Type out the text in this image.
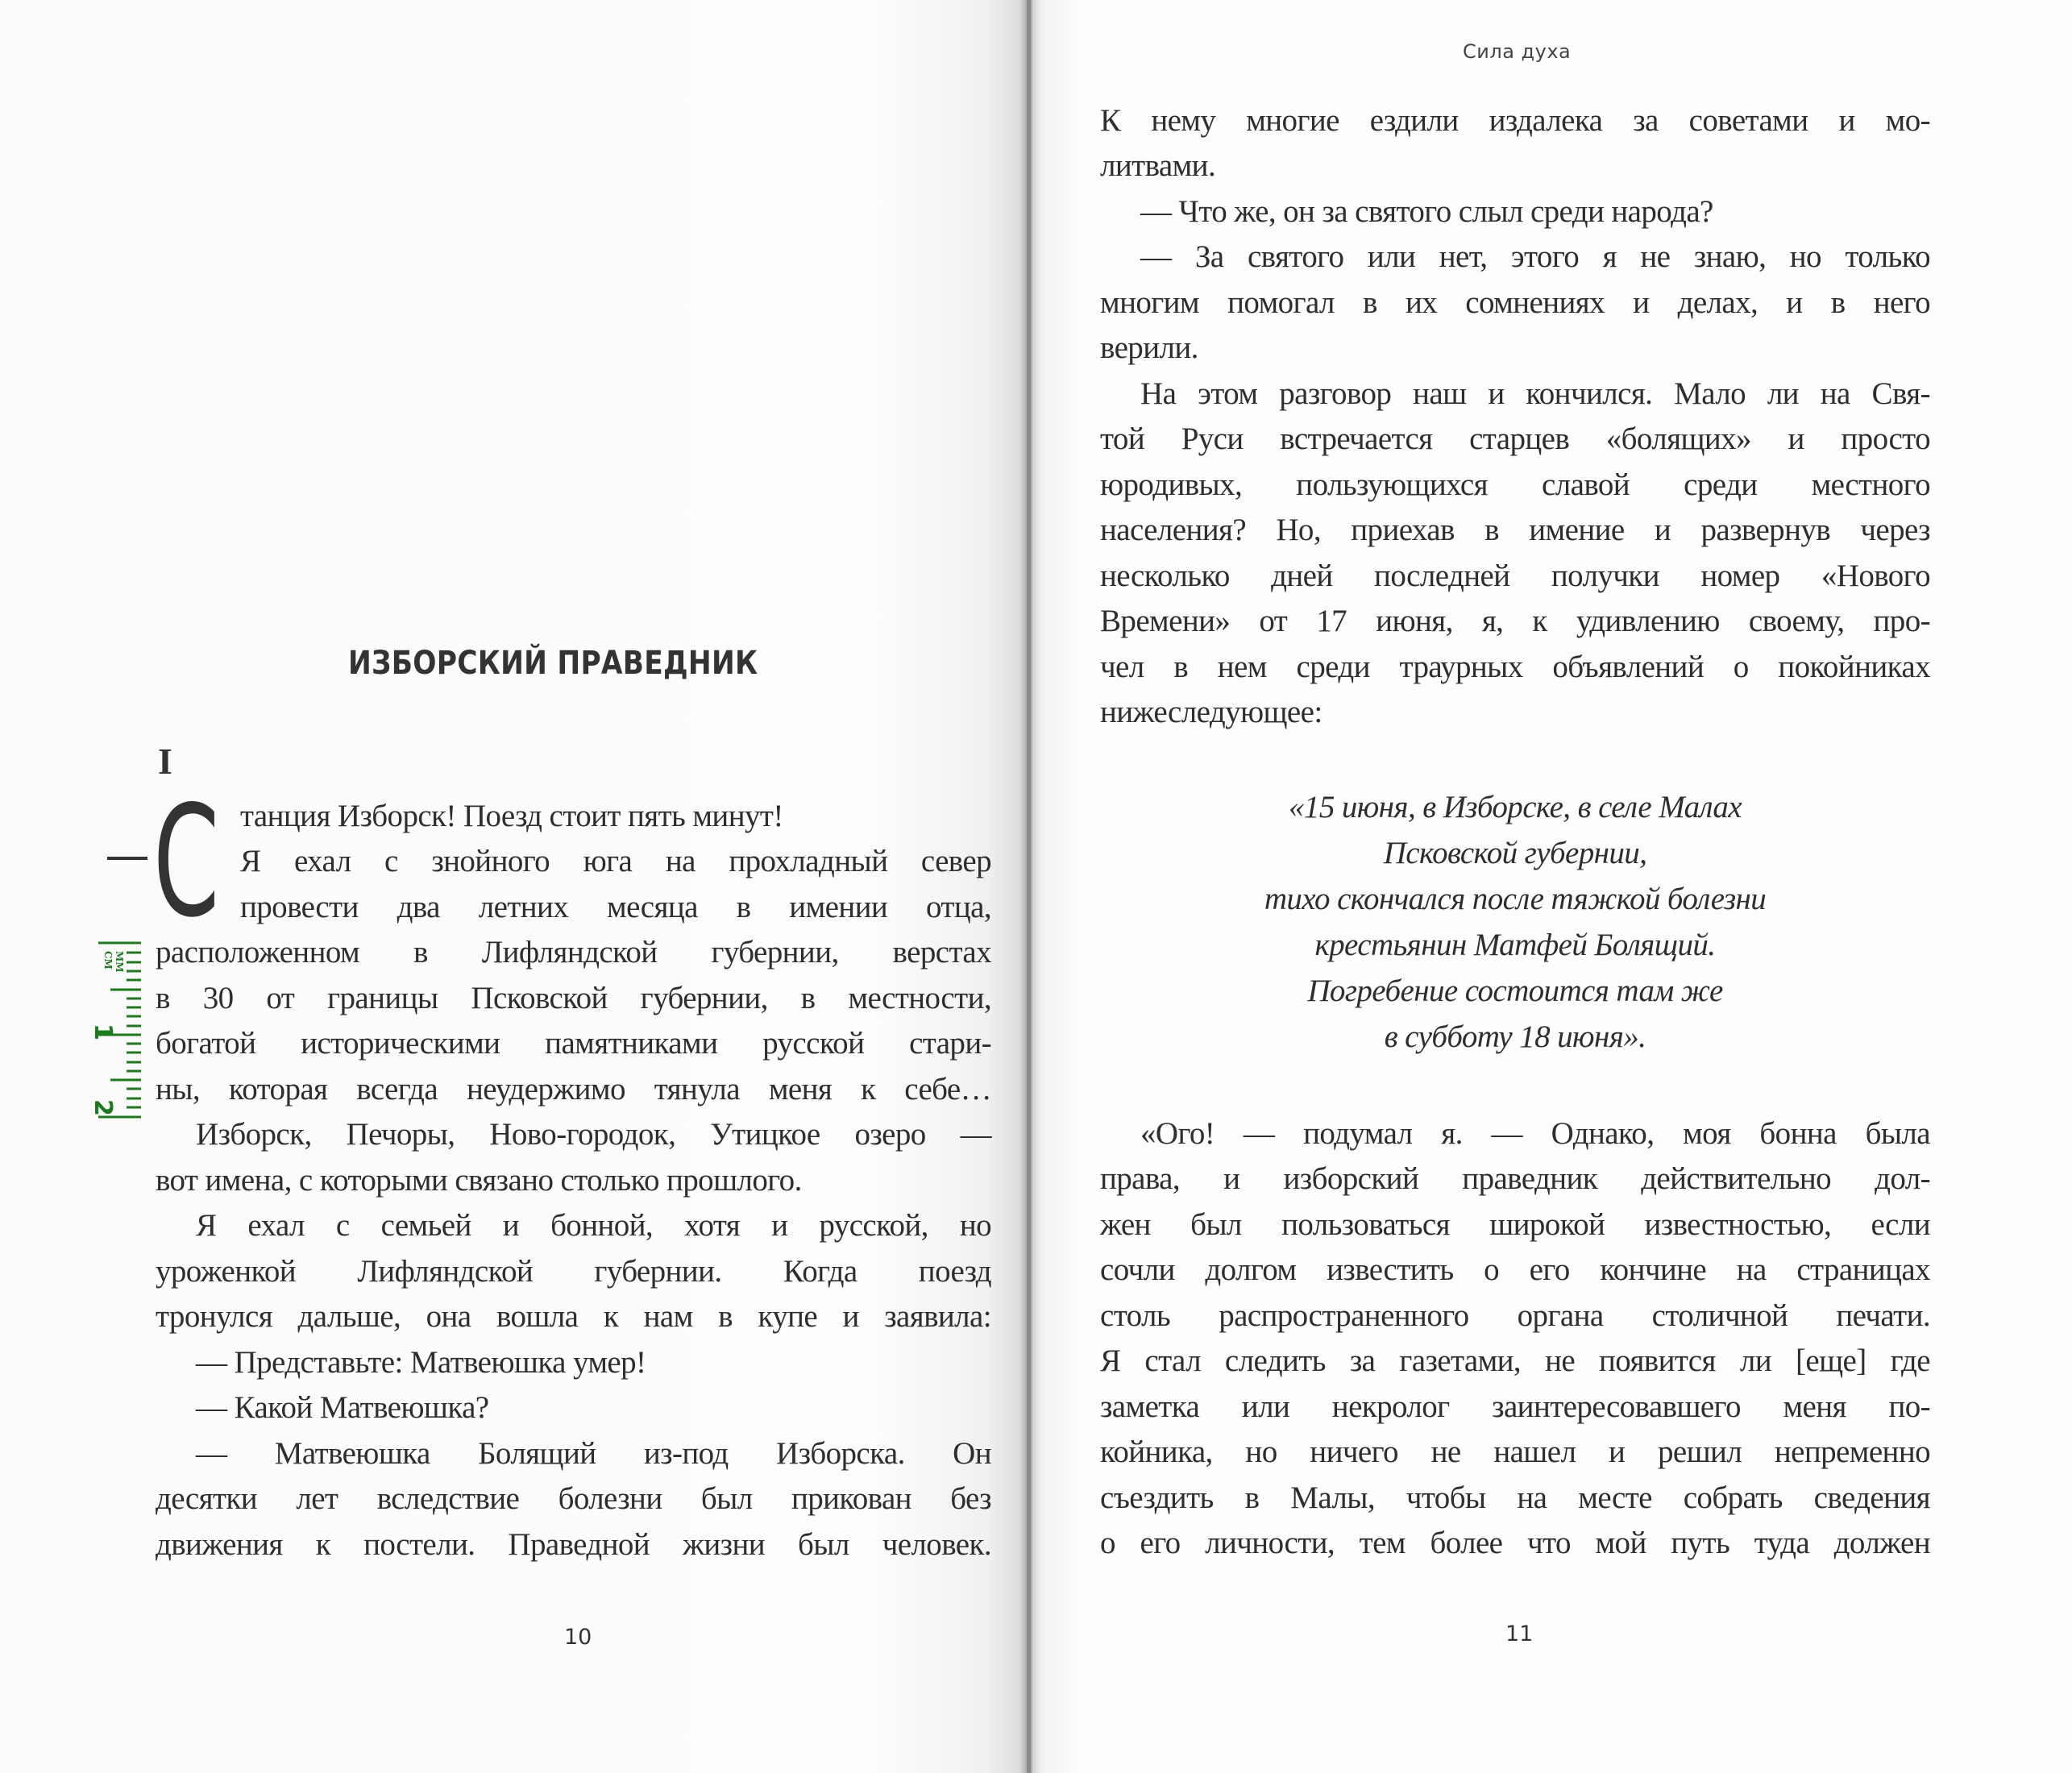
ИЗБОРСКИЙ ПРАВЕДНИК
I
С танция Изборск! Поезд стоит пять минут!
Я ехал с знойного юга на прохладный север
провести два летних месяца в имении отца,
расположенном в Лифляндской губернии, верстах
в 30 от границы Псковской губернии, в местности,
богатой историческими памятниками русской стари-
ны, которая всегда неудержимо тянула меня к себе…
Изборск, Печоры, Ново-городок, Утицкое озеро —
вот имена, с которыми связано столько прошлого.
Я ехал с семьей и бонной, хотя и русской, но
уроженкой Лифляндской губернии. Когда поезд
тронулся дальше, она вошла к нам в купе и заявила:
— Представьте: Матвеюшка умер!
— Какой Матвеюшка?
— Матвеюшка Болящий из-под Изборска. Он
десятки лет вследствие болезни был прикован без
движения к постели. Праведной жизни был человек.
10
MM
CM
1
2
Сила духа
К нему многие ездили издалека за советами и мо-
литвами.
— Что же, он за святого слыл среди народа?
— За святого или нет, этого я не знаю, но только
многим помогал в их сомнениях и делах, и в него
верили.
На этом разговор наш и кончился. Мало ли на Свя-
той Руси встречается старцев «болящих» и просто
юродивых, пользующихся славой среди местного
населения? Но, приехав в имение и развернув через
несколько дней последней получки номер «Нового
Времени» от 17 июня, я, к удивлению своему, про-
чел в нем среди траурных объявлений о покойниках
нижеследующее:
«15 июня, в Изборске, в селе Малах
Псковской губернии,
тихо скончался после тяжкой болезни
крестьянин Матфей Болящий.
Погребение состоится там же
в субботу 18 июня».
«Ого! — подумал я. — Однако, моя бонна была
права, и изборский праведник действительно дол-
жен был пользоваться широкой известностью, если
сочли долгом известить о его кончине на страницах
столь распространенного органа столичной печати.
Я стал следить за газетами, не появится ли [еще] где
заметка или некролог заинтересовавшего меня по-
койника, но ничего не нашел и решил непременно
съездить в Малы, чтобы на месте собрать сведения
о его личности, тем более что мой путь туда должен
11
